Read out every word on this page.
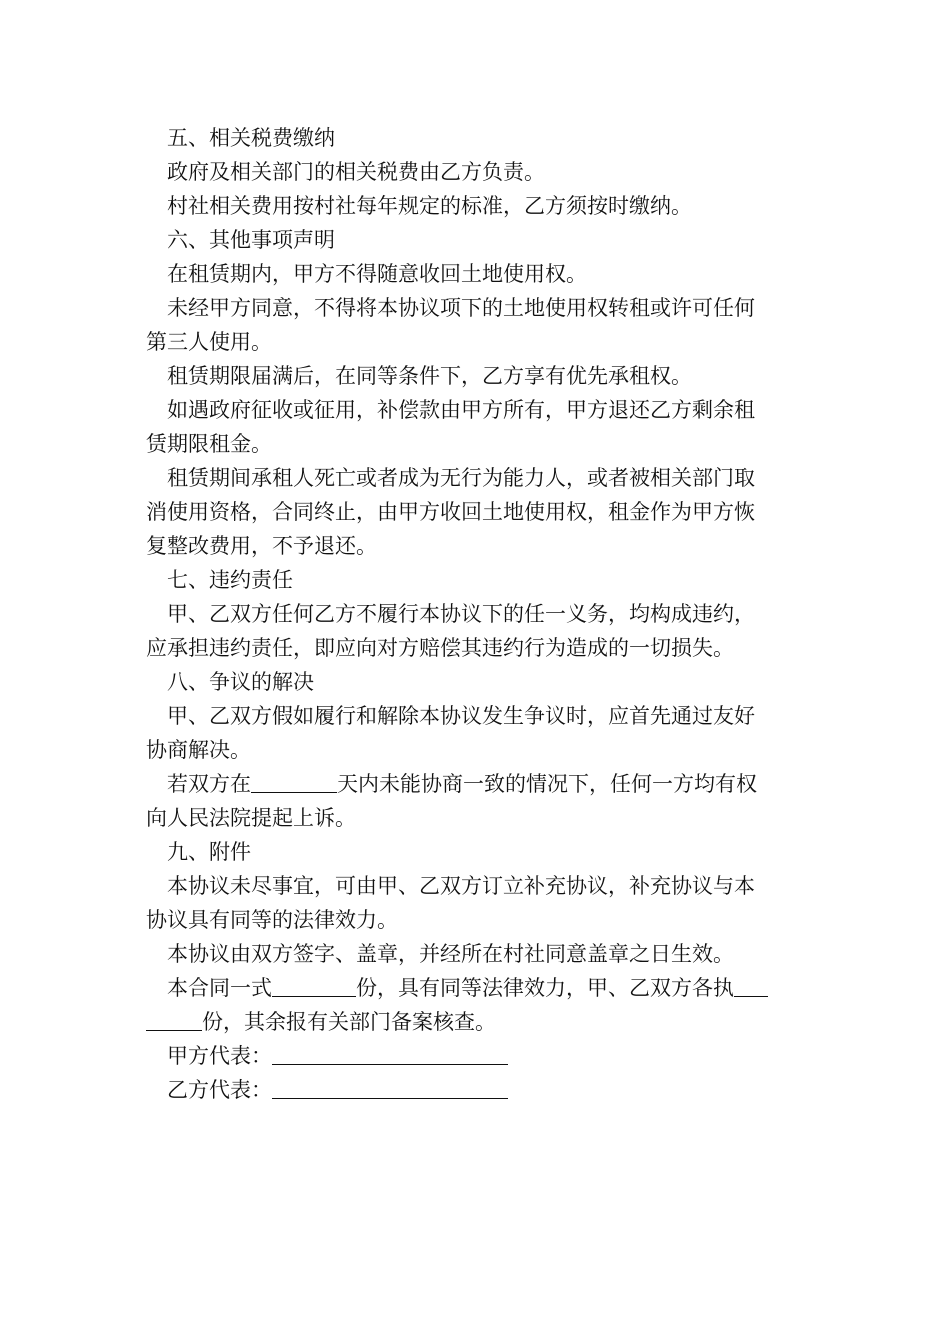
五、相关税费缴纳
政府及相关部门的相关税费由乙方负责。
村社相关费用按村社每年规定的标准，乙方须按时缴纳。
六、其他事项声明
在租赁期内，甲方不得随意收回土地使用权。
未经甲方同意，不得将本协议项下的土地使用权转租或许可任何
第三人使用。
租赁期限届满后，在同等条件下，乙方享有优先承租权。
如遇政府征收或征用，补偿款由甲方所有，甲方退还乙方剩余租
赁期限租金。
租赁期间承租人死亡或者成为无行为能力人，或者被相关部门取
消使用资格，合同终止，由甲方收回土地使用权，租金作为甲方恢
复整改费用，不予退还。
七、违约责任
甲、乙双方任何乙方不履行本协议下的任一义务，均构成违约，
应承担违约责任，即应向对方赔偿其违约行为造成的一切损失。
八、争议的解决
甲、乙双方假如履行和解除本协议发生争议时，应首先通过友好
协商解决。
若双方在	天内未能协商一致的情况下，任何一方均有权
向人民法院提起上诉。
九、附件
本协议未尽事宜，可由甲、乙双方订立补充协议，补充协议与本
协议具有同等的法律效力。
本协议由双方签字、盖章，并经所在村社同意盖章之日生效。
本合同一式	份，具有同等法律效力，甲、乙双方各执
份，其余报有关部门备案核查。
甲方代表：
乙方代表：
